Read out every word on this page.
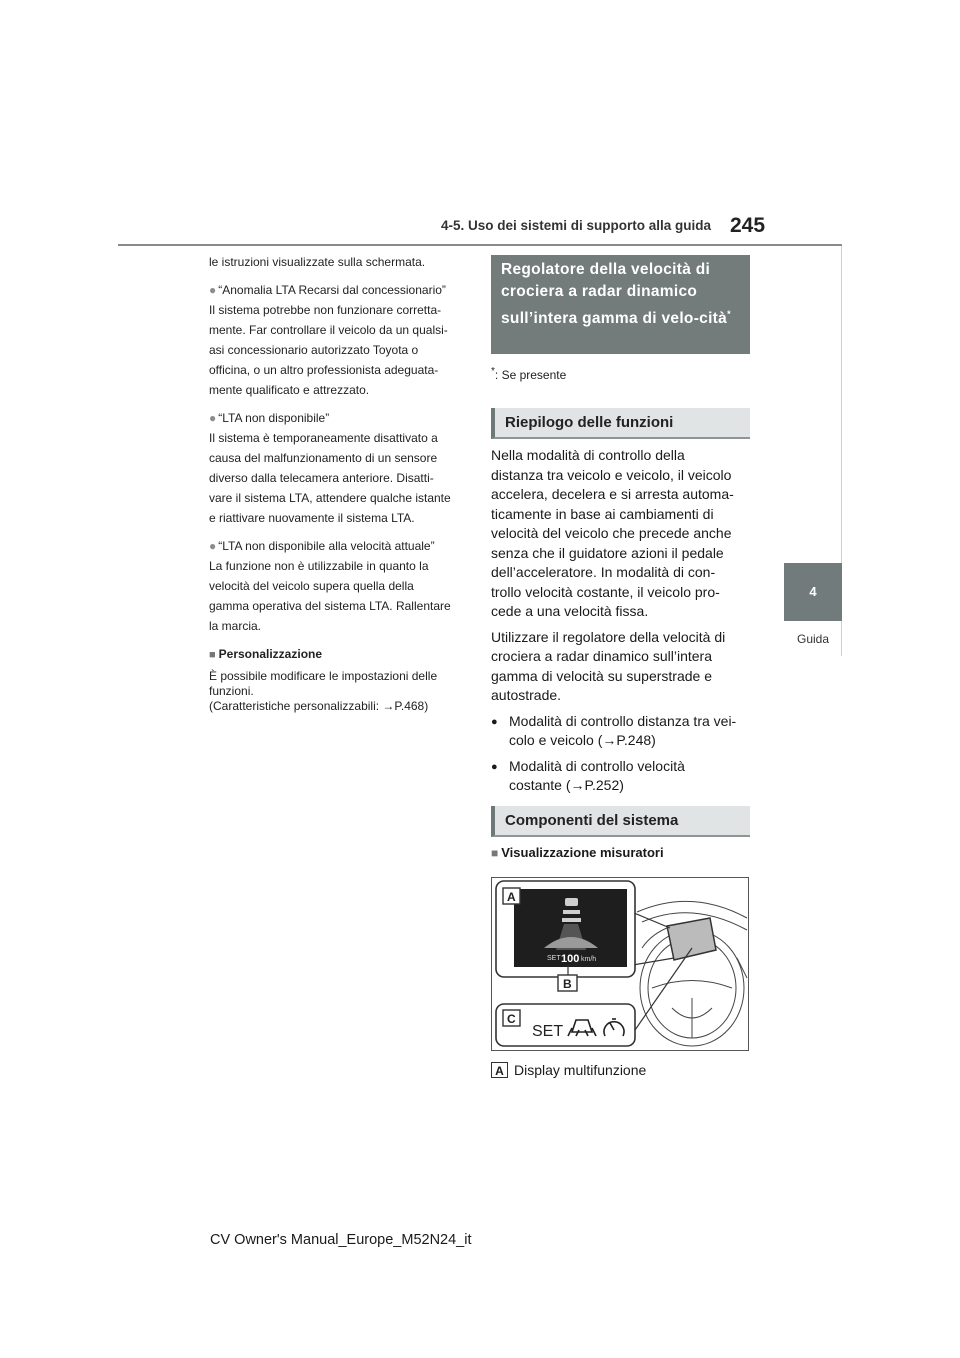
4-5. Uso dei sistemi di supporto alla guida 245
4
Guida

le istruzioni visualizzate sulla schermata.

● “Anomalia LTA Recarsi dal concessionario”

Il sistema potrebbe non funzionare corretta-

mente. Far controllare il veicolo da un qualsi-

asi concessionario autorizzato Toyota o

officina, o un altro professionista adeguata-

mente qualificato e attrezzato.

● “LTA non disponibile”

Il sistema è temporaneamente disattivato a

causa del malfunzionamento di un sensore

diverso dalla telecamera anteriore. Disatti-

vare il sistema LTA, attendere qualche istante

e riattivare nuovamente il sistema LTA.

● “LTA non disponibile alla velocità attuale”

La funzione non è utilizzabile in quanto la

velocità del veicolo supera quella della

gamma operativa del sistema LTA. Rallentare

la marcia.

■ Personalizzazione

È possibile modificare le impostazioni delle

funzioni.

(Caratteristiche personalizzabili: →P.468)

Regolatore della velocità di crociera a radar dinamico sull’intera gamma di velo-cità*
*: Se presente
Riepilogo delle funzioni

Nella modalità di controllo della
distanza tra veicolo e veicolo, il veicolo
accelera, decelera e si arresta automa-
ticamente in base ai cambiamenti di
velocità del veicolo che precede anche
senza che il guidatore azioni il pedale
dell’acceleratore. In modalità di con-
trollo velocità costante, il veicolo pro-
cede a una velocità fissa.

Utilizzare il regolatore della velocità di
crociera a radar dinamico sull’intera
gamma di velocità su superstrade e
autostrade.

● Modalità di controllo distanza tra vei-
colo e veicolo (→P.248)
● Modalità di controllo velocità
costante (→P.252)
Componenti del sistema
■ Visualizzazione misuratori
SET 100 km/h
A
B
C
SET
A Display multifunzione
CV Owner's Manual_Europe_M52N24_it
